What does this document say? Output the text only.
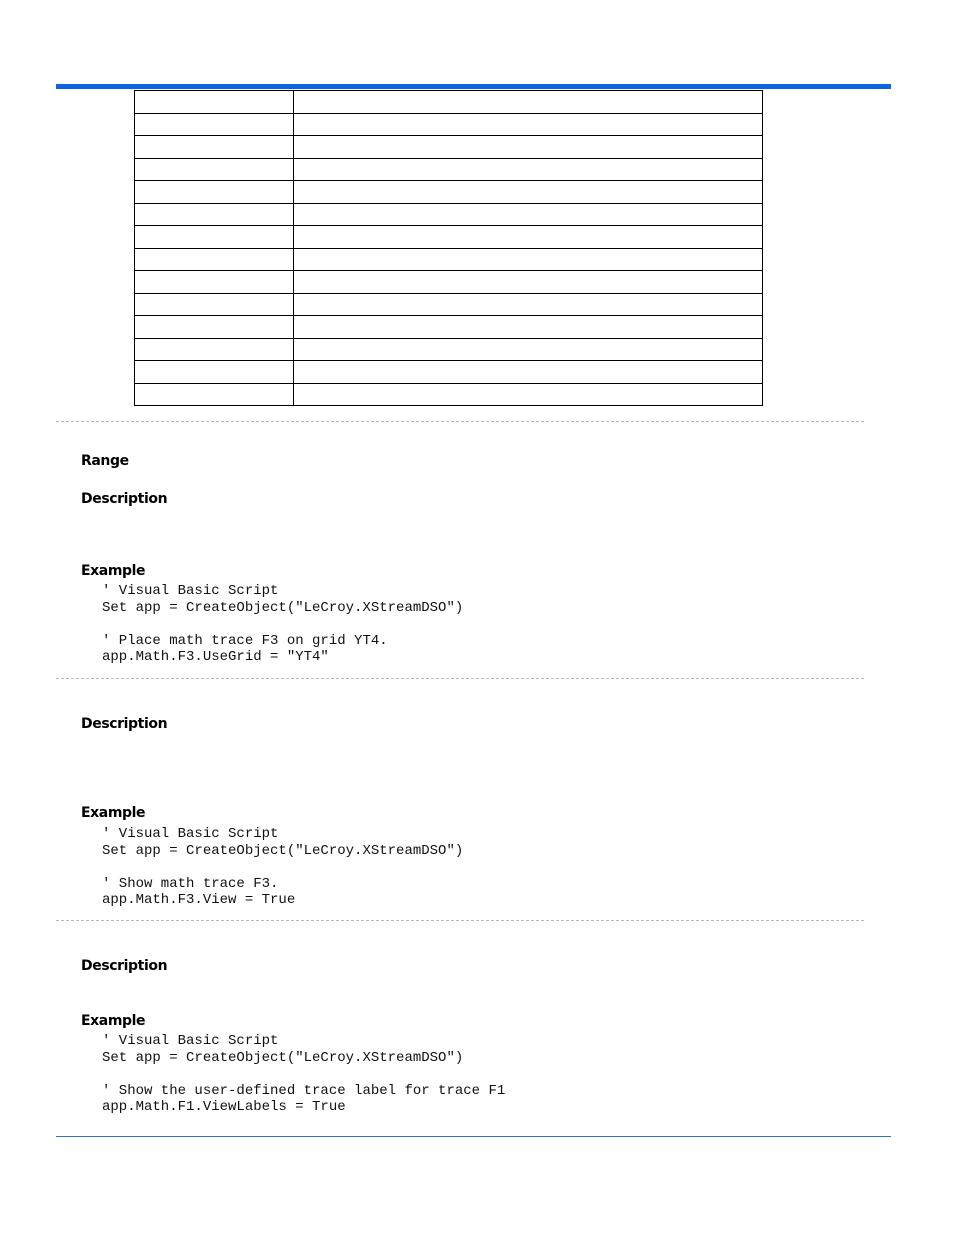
Range
Description
Example
' Visual Basic Script
Set app = CreateObject("LeCroy.XStreamDSO")

' Place math trace F3 on grid YT4.
app.Math.F3.UseGrid = "YT4"
Description
Example
' Visual Basic Script
Set app = CreateObject("LeCroy.XStreamDSO")

' Show math trace F3.
app.Math.F3.View = True
Description
Example
' Visual Basic Script
Set app = CreateObject("LeCroy.XStreamDSO")

' Show the user-defined trace label for trace F1
app.Math.F1.ViewLabels = True
